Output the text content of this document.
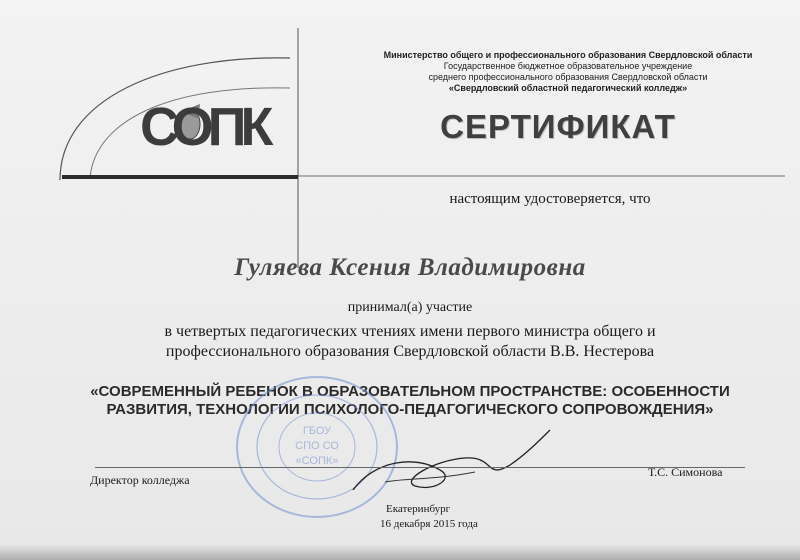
СОПК
Министерство общего и профессионального образования Свердловской области
Государственное бюджетное образовательное учреждение
среднего профессионального образования Свердловской области
«Свердловский областной педагогический колледж»
СЕРТИФИКАТ
настоящим удостоверяется, что
Гуляева Ксения Владимировна
принимал(а) участие
в четвертых педагогических чтениях имени первого министра общего и
профессионального образования Свердловской области В.В. Нестерова
«СОВРЕМЕННЫЙ РЕБЕНОК В ОБРАЗОВАТЕЛЬНОМ ПРОСТРАНСТВЕ: ОСОБЕННОСТИ
РАЗВИТИЯ, ТЕХНОЛОГИИ ПСИХОЛОГО-ПЕДАГОГИЧЕСКОГО СОПРОВОЖДЕНИЯ»
ГБОУ
СПО СО
«СОПК»
Директор колледжа
Т.С. Симонова
Екатеринбург
16 декабря 2015 года
